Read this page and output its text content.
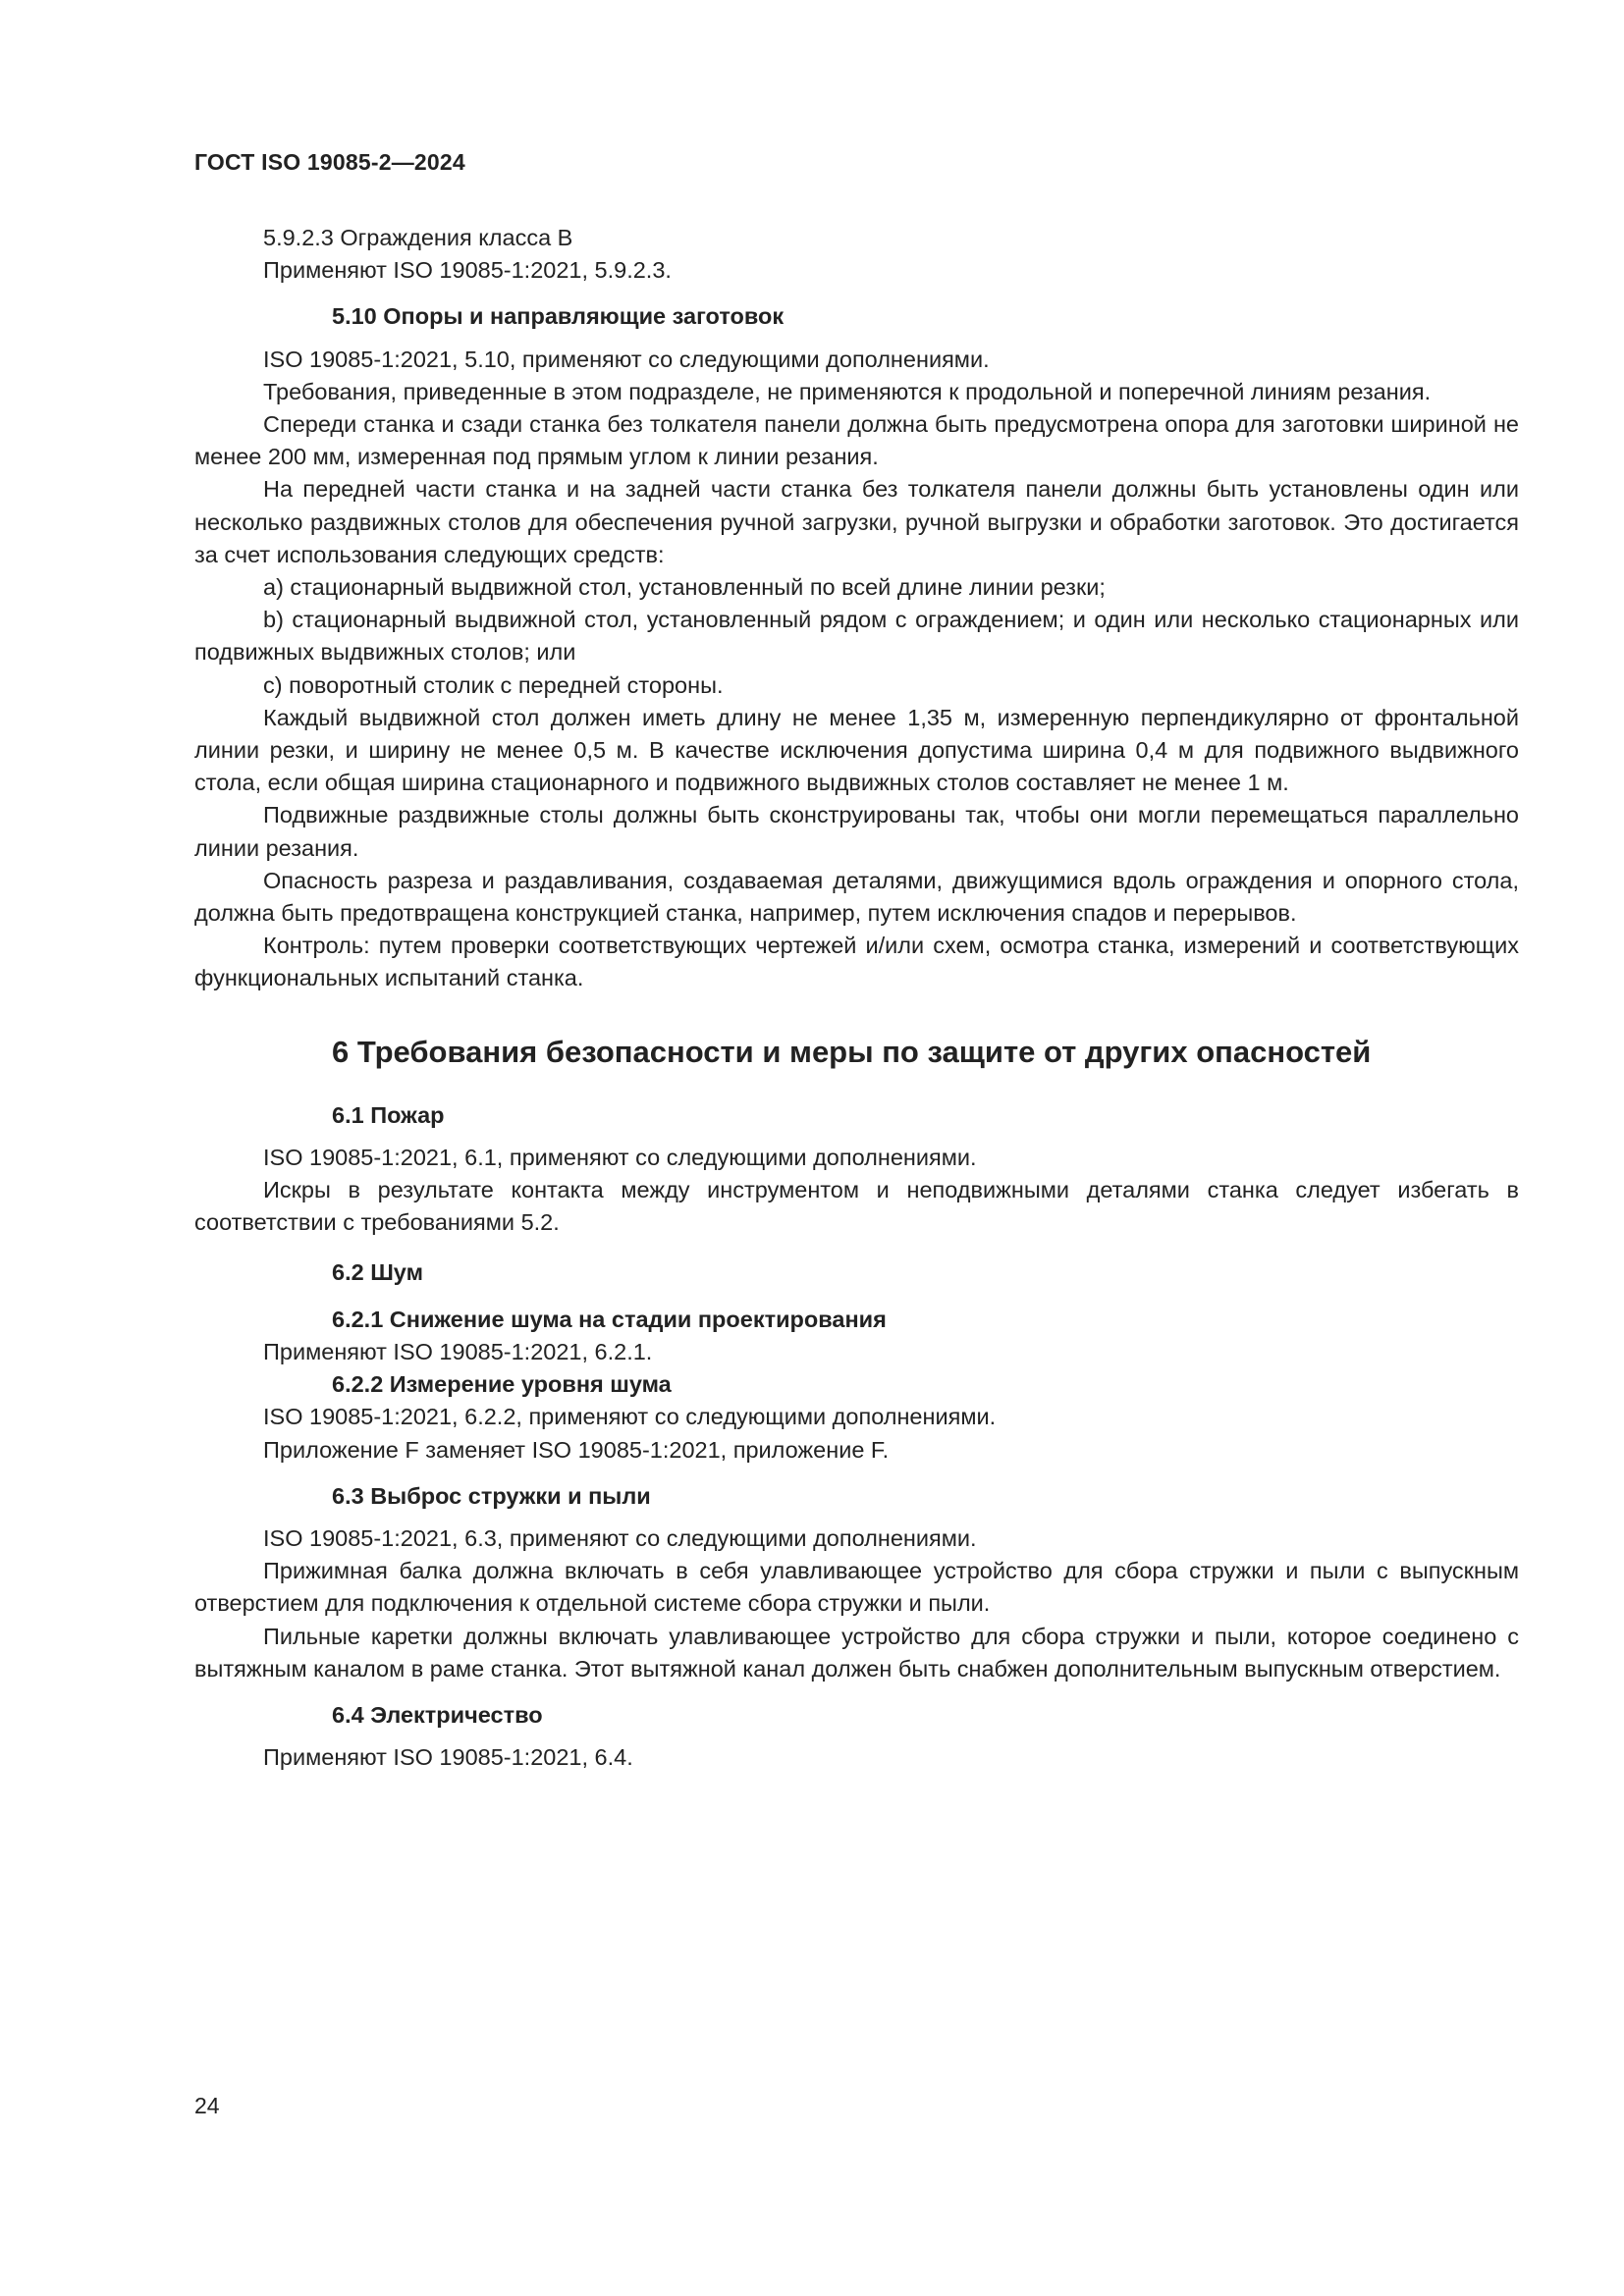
ГОСТ ISO 19085-2—2024

5.9.2.3 Ограждения класса В

Применяют ISO 19085-1:2021, 5.9.2.3.

5.10 Опоры и направляющие заготовок

ISO 19085-1:2021, 5.10, применяют со следующими дополнениями.

Требования, приведенные в этом подразделе, не применяются к продольной и поперечной линиям резания.

Спереди станка и сзади станка без толкателя панели должна быть предусмотрена опора для заготовки шириной не менее 200 мм, измеренная под прямым углом к линии резания.

На передней части станка и на задней части станка без толкателя панели должны быть установлены один или несколько раздвижных столов для обеспечения ручной загрузки, ручной выгрузки и обработки заготовок. Это достигается за счет использования следующих средств:

a) стационарный выдвижной стол, установленный по всей длине линии резки;

b) стационарный выдвижной стол, установленный рядом с ограждением; и один или несколько стационарных или подвижных выдвижных столов; или

c) поворотный столик с передней стороны.

Каждый выдвижной стол должен иметь длину не менее 1,35 м, измеренную перпендикулярно от фронтальной линии резки, и ширину не менее 0,5 м. В качестве исключения допустима ширина 0,4 м для подвижного выдвижного стола, если общая ширина стационарного и подвижного выдвижных столов составляет не менее 1 м.

Подвижные раздвижные столы должны быть сконструированы так, чтобы они могли перемещаться параллельно линии резания.

Опасность разреза и раздавливания, создаваемая деталями, движущимися вдоль ограждения и опорного стола, должна быть предотвращена конструкцией станка, например, путем исключения спадов и перерывов.

Контроль: путем проверки соответствующих чертежей и/или схем, осмотра станка, измерений и соответствующих функциональных испытаний станка.

6 Требования безопасности и меры по защите от других опасностей

6.1 Пожар

ISO 19085-1:2021, 6.1, применяют со следующими дополнениями.

Искры в результате контакта между инструментом и неподвижными деталями станка следует избегать в соответствии с требованиями 5.2.

6.2 Шум

6.2.1 Снижение шума на стадии проектирования

Применяют ISO 19085-1:2021, 6.2.1.

6.2.2 Измерение уровня шума

ISO 19085-1:2021, 6.2.2, применяют со следующими дополнениями.

Приложение F заменяет ISO 19085-1:2021, приложение F.

6.3 Выброс стружки и пыли

ISO 19085-1:2021, 6.3, применяют со следующими дополнениями.

Прижимная балка должна включать в себя улавливающее устройство для сбора стружки и пыли с выпускным отверстием для подключения к отдельной системе сбора стружки и пыли.

Пильные каретки должны включать улавливающее устройство для сбора стружки и пыли, которое соединено с вытяжным каналом в раме станка. Этот вытяжной канал должен быть снабжен дополнительным выпускным отверстием.

6.4 Электричество

Применяют ISO 19085-1:2021, 6.4.

24
